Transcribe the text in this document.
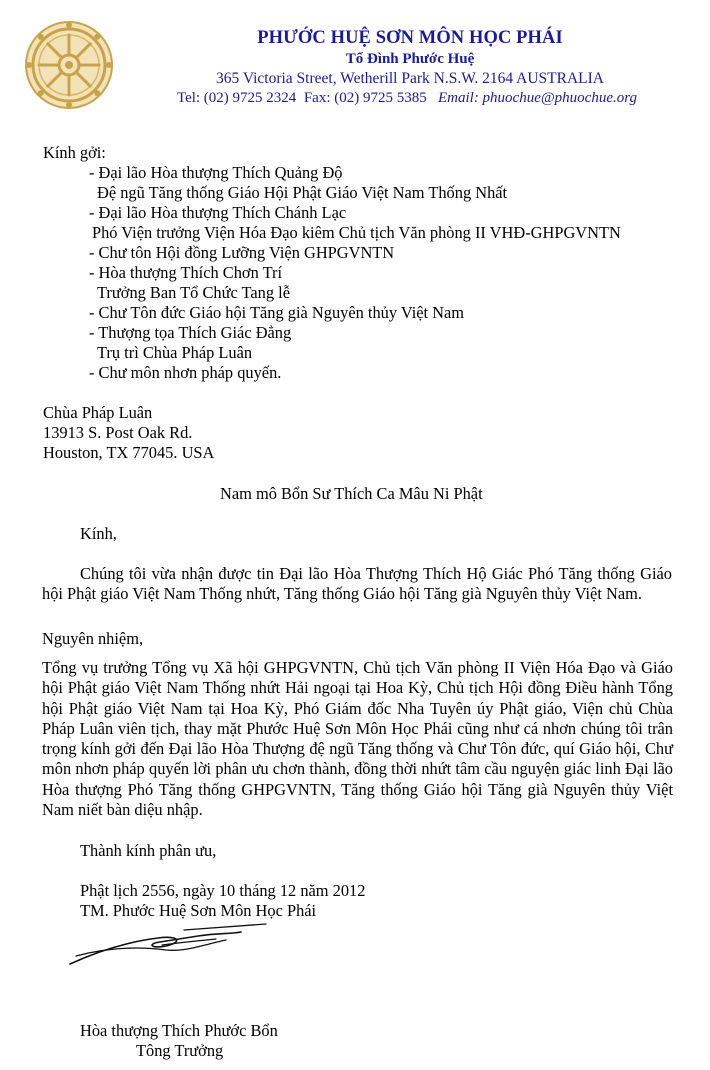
PHƯỚC HUỆ SƠN MÔN HỌC PHÁI
Tổ Đình Phước Huệ
365 Victoria Street, Wetherill Park N.S.W. 2164 AUSTRALIA
Tel: (02) 9725 2324 Fax: (02) 9725 5385 Email: phuochue@phuochue.org
Kính gởi:
- Đại lão Hòa thượng Thích Quảng Độ
Đệ ngũ Tăng thống Giáo Hội Phật Giáo Việt Nam Thống Nhất
- Đại lão Hòa thượng Thích Chánh Lạc
Phó Viện trưởng Viện Hóa Đạo kiêm Chủ tịch Văn phòng II VHĐ-GHPGVNTN
- Chư tôn Hội đồng Lưỡng Viện GHPGVNTN
- Hòa thượng Thích Chơn Trí
Trưởng Ban Tổ Chức Tang lễ
- Chư Tôn đức Giáo hội Tăng già Nguyên thủy Việt Nam
- Thượng tọa Thích Giác Đẳng
Trụ trì Chùa Pháp Luân
- Chư môn nhơn pháp quyến.
Chùa Pháp Luân
13913 S. Post Oak Rd.
Houston, TX 77045. USA
Nam mô Bổn Sư Thích Ca Mâu Ni Phật
Kính,
Chúng tôi vừa nhận được tin Đại lão Hòa Thượng Thích Hộ Giác Phó Tăng thống Giáo hội Phật giáo Việt Nam Thống nhứt, Tăng thống Giáo hội Tăng già Nguyên thủy Việt Nam.
Nguyên nhiệm,
Tổng vụ trưởng Tổng vụ Xã hội GHPGVNTN, Chủ tịch Văn phòng II Viện Hóa Đạo và Giáo hội Phật giáo Việt Nam Thống nhứt Hải ngoại tại Hoa Kỳ, Chủ tịch Hội đồng Điều hành Tổng hội Phật giáo Việt Nam tại Hoa Kỳ, Phó Giám đốc Nha Tuyên úy Phật giáo, Viện chủ Chùa Pháp Luân viên tịch, thay mặt Phước Huệ Sơn Môn Học Phái cũng như cá nhơn chúng tôi trân trọng kính gởi đến Đại lão Hòa Thượng đệ ngũ Tăng thống và Chư Tôn đức, quí Giáo hội, Chư môn nhơn pháp quyến lời phân ưu chơn thành, đồng thời nhứt tâm cầu nguyện giác linh Đại lão Hòa thượng Phó Tăng thống GHPGVNTN, Tăng thống Giáo hội Tăng già Nguyên thủy Việt Nam niết bàn diệu nhập.
Thành kính phân ưu,
Phật lịch 2556, ngày 10 tháng 12 năm 2012
TM. Phước Huệ Sơn Môn Học Phái
Hòa thượng Thích Phước Bổn
Tông Trưởng
